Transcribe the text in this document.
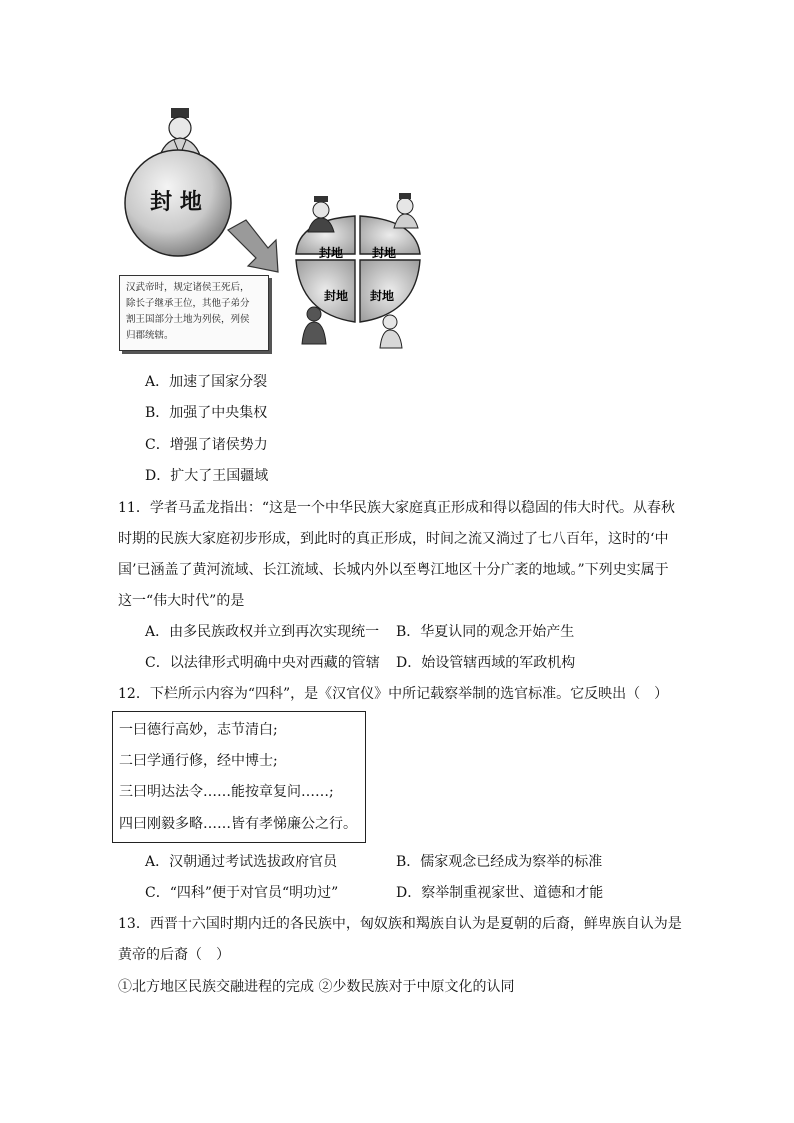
封 地
封地 封地
封地 封地
汉武帝时，规定诸侯王死后，
除长子继承王位，其他子弟分
割王国部分土地为列侯，列侯
归郡统辖。
A．加速了国家分裂
B．加强了中央集权
C．增强了诸侯势力
D．扩大了王国疆域
11．学者马孟龙指出：“这是一个中华民族大家庭真正形成和得以稳固的伟大时代。从春秋
时期的民族大家庭初步形成，到此时的真正形成，时间之流又淌过了七八百年，这时的‘中
国’已涵盖了黄河流域、长江流域、长城内外以至粤江地区十分广袤的地域。”下列史实属于
这一“伟大时代”的是
A．由多民族政权并立到再次实现统一 B．华夏认同的观念开始产生
C．以法律形式明确中央对西藏的管辖 D．始设管辖西域的军政机构
12．下栏所示内容为“四科”，是《汉官仪》中所记载察举制的选官标准。它反映出（　）
一曰德行高妙，志节清白;
二曰学通行修，经中博士;
三曰明达法令……能按章复问……;
四曰刚毅多略……皆有孝悌廉公之行。
A．汉朝通过考试选拔政府官员	B．儒家观念已经成为察举的标准
C．“四科”便于对官员“明功过”	D．察举制重视家世、道德和才能
13．西晋十六国时期内迁的各民族中，匈奴族和羯族自认为是夏朝的后裔，鲜卑族自认为是
黄帝的后裔（　）
①北方地区民族交融进程的完成 ②少数民族对于中原文化的认同
